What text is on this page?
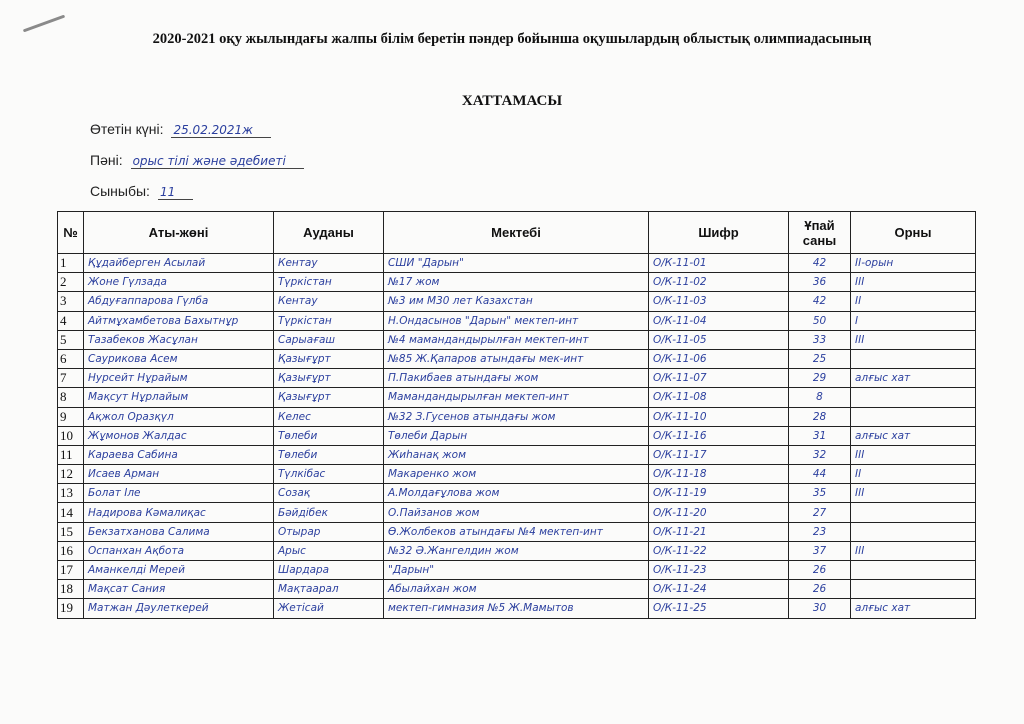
2020-2021 оқу жылындағы жалпы білім беретін пәндер бойынша оқушылардың облыстық олимпиадасының
ХАТТАМАСЫ
Өтетін күні: 25.02.2021ж
Пәні: орыс тілі және әдебиеті
Сыныбы: 11
№	Аты-жөні	Ауданы	Мектебі	Шифр	Ұпай саны	Орны
1	Құдайберген Асылай	Кентау	СШИ "Дарын"	О/К-11-01	42	II-орын
2	Жоне Гүлзада	Түркістан	№17 жом	О/К-11-02	36	III
3	Абдуғаппарова Гүлба	Кентау	№3 им М30 лет Казахстан	О/К-11-03	42	II
4	Айтмұхамбетова Бахытнұр	Түркістан	Н.Ондасынов "Дарын" мектеп-инт	О/К-11-04	50	I
5	Тазабеков Жасұлан	Сарыағаш	№4 мамандандырылған мектеп-инт	О/К-11-05	33	III
6	Саурикова Асем	Қазығұрт	№85 Ж.Қапаров атындағы мек-инт	О/К-11-06	25	
7	Нурсейт Нұрайым	Қазығұрт	П.Пакибаев атындағы жом	О/К-11-07	29	алғыс хат
8	Мақсут Нұрлайым	Қазығұрт	Мамандандырылған мектеп-инт	О/К-11-08	8	
9	Ақжол Оразқүл	Келес	№32 З.Гусенов атындағы жом	О/К-11-10	28	
10	Жұмонов Жалдас	Төлеби	Төлеби Дарын	О/К-11-16	31	алғыс хат
11	Караева Сабина	Төлеби	Жиһанақ жом	О/К-11-17	32	III
12	Исаев Арман	Түлкібас	Макаренко жом	О/К-11-18	44	II
13	Болат Іле	Созақ	А.Молдағұлова жом	О/К-11-19	35	III
14	Надирова Кәмалиқас	Бәйдібек	О.Пайзанов жом	О/К-11-20	27	
15	Бекзатханова Салима	Отырар	Ө.Жолбеков атындағы №4 мектеп-инт	О/К-11-21	23	
16	Оспанхан Ақбота	Арыс	№32 Ә.Жангелдин жом	О/К-11-22	37	III
17	Аманкелді Мерей	Шардара	"Дарын"	О/К-11-23	26	
18	Мақсат Сания	Мақтаарал	Абылайхан жом	О/К-11-24	26	
19	Матжан Дәулеткерей	Жетісай	мектеп-гимназия №5 Ж.Мамытов	О/К-11-25	30	алғыс хат
